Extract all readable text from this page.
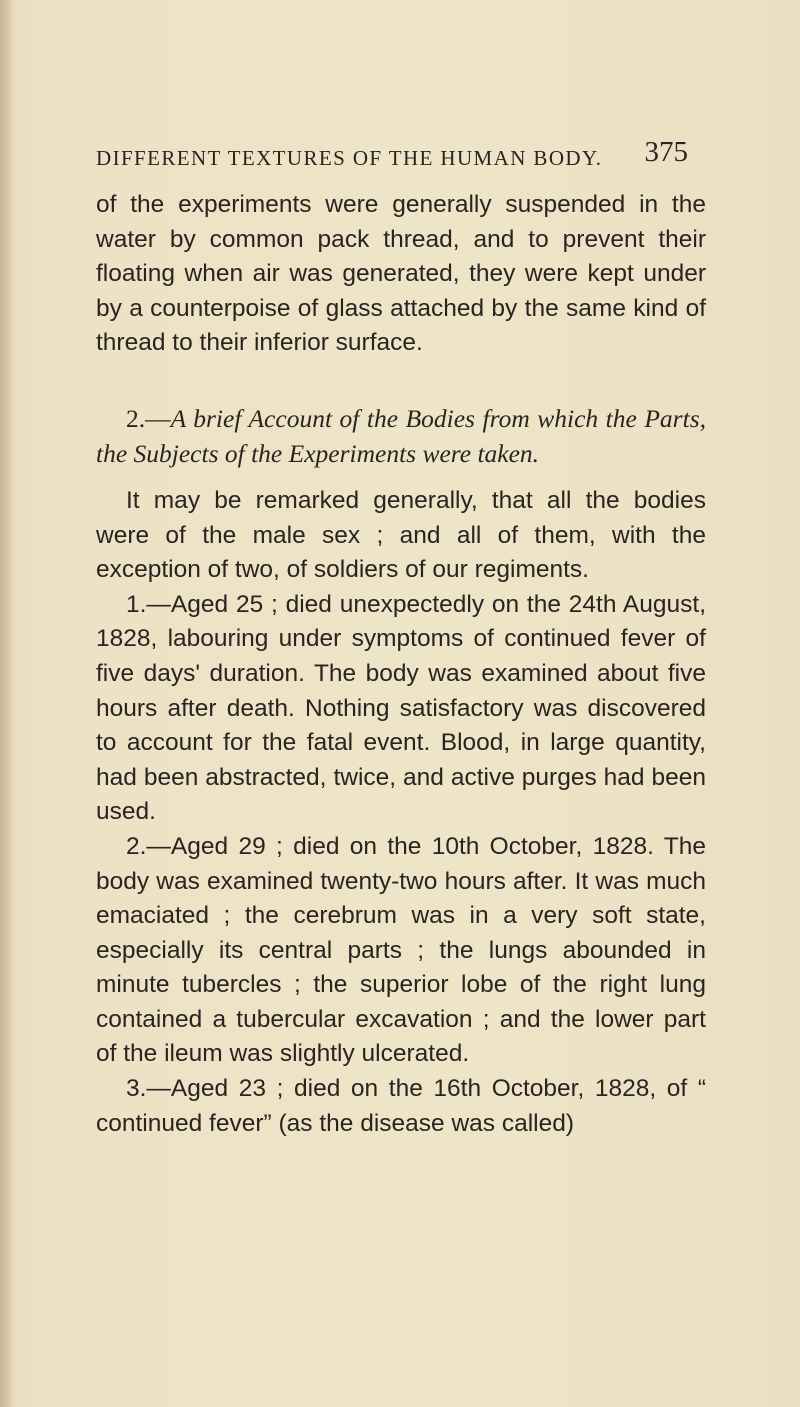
DIFFERENT TEXTURES OF THE HUMAN BODY. 375

of the experiments were generally suspended in the water by common pack thread, and to prevent their floating when air was generated, they were kept under by a counterpoise of glass attached by the same kind of thread to their inferior surface.

2.—A brief Account of the Bodies from which the Parts, the Subjects of the Experiments were taken.

It may be remarked generally, that all the bodies were of the male sex ; and all of them, with the exception of two, of soldiers of our regiments.

1.—Aged 25 ; died unexpectedly on the 24th August, 1828, labouring under symptoms of continued fever of five days' duration. The body was examined about five hours after death. Nothing satisfactory was discovered to account for the fatal event. Blood, in large quantity, had been abstracted, twice, and active purges had been used.

2.—Aged 29 ; died on the 10th October, 1828. The body was examined twenty-two hours after. It was much emaciated ; the cerebrum was in a very soft state, especially its central parts ; the lungs abounded in minute tubercles ; the superior lobe of the right lung contained a tubercular excavation ; and the lower part of the ileum was slightly ulcerated.

3.—Aged 23 ; died on the 16th October, 1828, of “ continued fever” (as the disease was called)
